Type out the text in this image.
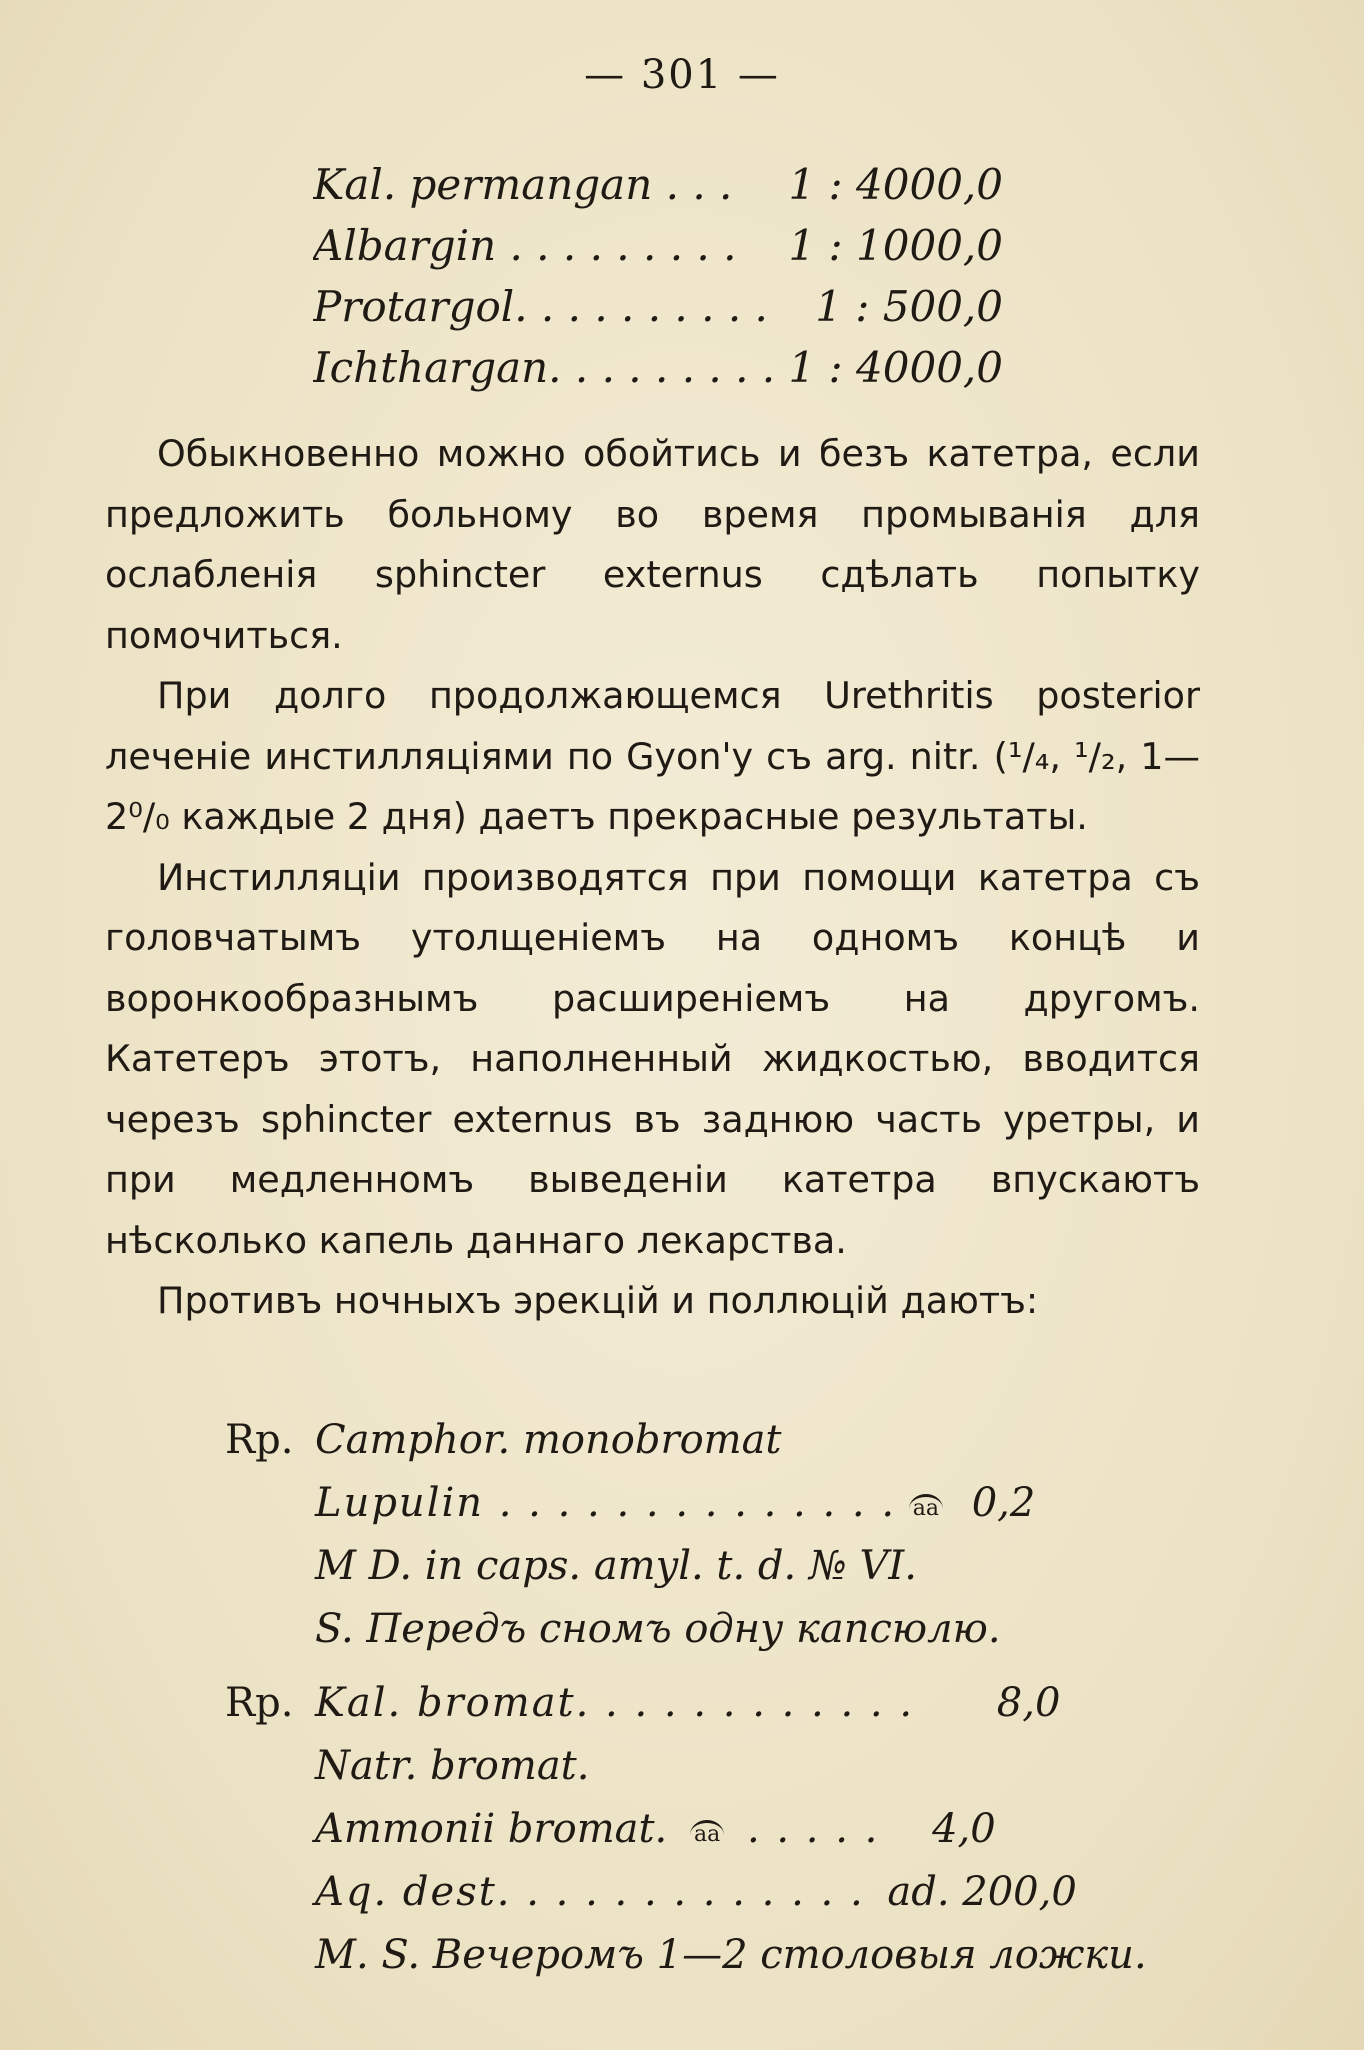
— 301 —
Kal. permangan . . .	1 : 4000,0
Albargin . . . . . . . . .	1 : 1000,0
Protargol. . . . . . . . . .	1 : 500,0
Ichthargan. . . . . . . . . 1 : 4000,0

Обыкновенно можно обойтись и безъ катетра, если предложить больному во время промыванія для ослабленія sphincter externus сдѣлать попытку помочиться.

При долго продолжающемся Urethritis posterior леченіе инстилляціями по Gyon'y съ arg. nitr. (¹/₄, ¹/₂, 1—2⁰/₀ каждые 2 дня) даетъ прекрасные результаты.

Инстилляціи производятся при помощи катетра съ головчатымъ утолщеніемъ на одномъ концѣ и воронкообразнымъ расширеніемъ на другомъ. Катетеръ этотъ, наполненный жидкостью, вводится черезъ sphincter externus въ заднюю часть уретры, и при медленномъ выведеніи катетра впускаютъ нѣсколько капель даннаго лекарства.

Противъ ночныхъ эрекцій и поллюцій даютъ:

Rp. Camphor. monobromat
Lupulin . . . . . . . . . . . . . . aa 0,2
M D. in caps. amyl. t. d. № VI.
S. Передъ сномъ одну капсюлю.
Rp. Kal. bromat. . . . . . . . . . . . 8,0
Natr. bromat.
Ammonii bromat. aa . . . . . 4,0
Aq. dest. . . . . . . . . . . . . ad. 200,0
M. S. Вечеромъ 1—2 столовыя ложки.
